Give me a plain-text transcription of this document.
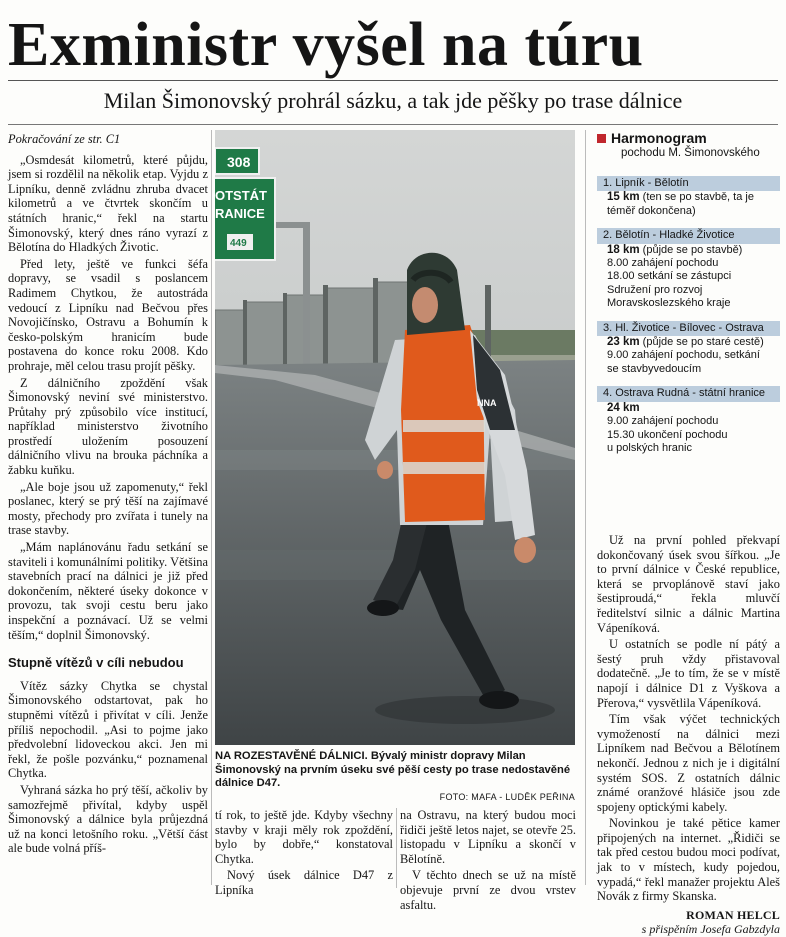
Exministr vyšel na túru
Milan Šimonovský prohrál sázku, a tak jde pěšky po trase dálnice

Pokračování ze str. C1

„Osmdesát kilometrů, které půjdu, jsem si rozdělil na několik etap. Vyjdu z Lipníku, denně zvládnu zhruba dvacet kilometrů a ve čtvrtek skončím u státních hranic,“ řekl na startu Šimonovský, který dnes ráno vyrazí z Bělotína do Hladkých Životic.

Před lety, ještě ve funkci šéfa dopravy, se vsadil s poslancem Radimem Chytkou, že autostráda vedoucí z Lipníku nad Bečvou přes Novojičínsko, Ostravu a Bohumín k česko-polským hranicím bude postavena do konce roku 2008. Kdo prohraje, měl celou trasu projít pěšky.

Z dálničního zpoždění však Šimonovský neviní své ministerstvo. Průtahy prý způsobilo více institucí, například ministerstvo životního prostředí uložením posouzení dálničního vlivu na brouka páchníka a žabku kuňku.

„Ale boje jsou už zapomenuty,“ řekl poslanec, který se prý těší na zajímavé mosty, přechody pro zvířata i tunely na trase stavby.

„Mám naplánovánu řadu setkání se staviteli i komunálními politiky. Většina stavebních prací na dálnici je již před dokončením, některé úseky dokonce v provozu, tak svoji cestu beru jako inspekční a poznávací. Už se velmi těším,“ doplnil Šimonovský.

Stupně vítězů v cíli nebudou

Vítěz sázky Chytka se chystal Šimonovského odstartovat, pak ho stupněmi vítězů i přivítat v cíli. Jenže příliš nepochodil. „Asi to pojme jako předvolební lidoveckou akci. Jen mi řekl, že pošle pozvánku,“ poznamenal Chytka.

Vyhraná sázka ho prý těší, ačkoliv by samozřejmě přivítal, kdyby uspěl Šimonovský a dálnice byla průjezdná už na konci letošního roku. „Větší část ale bude volná příš-

308
OTSTÁT
RANICE
449
NNA
NA ROZESTAVĚNÉ DÁLNICI. Bývalý ministr dopravy Milan Šimonovský na prvním úseku své pěší cesty po trase nedostavěné dálnice D47.
FOTO: MAFA - LUDĚK PEŘINA

tí rok, to ještě jde. Kdyby všechny stavby v kraji měly rok zpoždění, bylo by dobře,“ konstatoval Chytka.

Nový úsek dálnice D47 z Lipníka

na Ostravu, na který budou moci řidiči ještě letos najet, se otevře 25. listopadu v Lipníku a skončí v Bělotíně.

V těchto dnech se už na místě objevuje první ze dvou vrstev asfaltu.

Harmonogram
pochodu M. Šimonovského
1. Lipník - Bělotín
15 km (ten se po stavbě, ta je
téměř dokončena)
2. Bělotín - Hladké Životice
18 km (půjde se po stavbě)
8.00 zahájení pochodu
18.00 setkání se zástupci
Sdružení pro rozvoj
Moravskoslezského kraje
3. Hl. Životice - Bílovec - Ostrava
23 km (půjde se po staré cestě)
9.00 zahájení pochodu, setkání
se stavbyvedoucím
4. Ostrava Rudná - státní hranice
24 km
9.00 zahájení pochodu
15.30 ukončení pochodu
u polských hranic

Už na první pohled překvapí dokončovaný úsek svou šířkou. „Je to první dálnice v České republice, která se prvoplánově staví jako šestiproudá,“ řekla mluvčí ředitelství silnic a dálnic Martina Vápeníková.

U ostatních se podle ní pátý a šestý pruh vždy přistavoval dodatečně. „Je to tím, že se v místě napojí i dálnice D1 z Vyškova a Přerova,“ vysvětlila Vápeníková.

Tím však výčet technických vymožeností na dálnici mezi Lipníkem nad Bečvou a Bělotínem nekončí. Jednou z nich je i digitální systém SOS. Z ostatních dálnic známé oranžové hlásiče jsou zde spojeny optickými kabely.

Novinkou je také pětice kamer připojených na internet. „Řidiči se tak před cestou budou moci podívat, jak to v místech, kudy pojedou, vypadá,“ řekl manažer projektu Aleš Novák z firmy Skanska.

ROMAN HELCL
s přispěním Josefa Gabzdyla
